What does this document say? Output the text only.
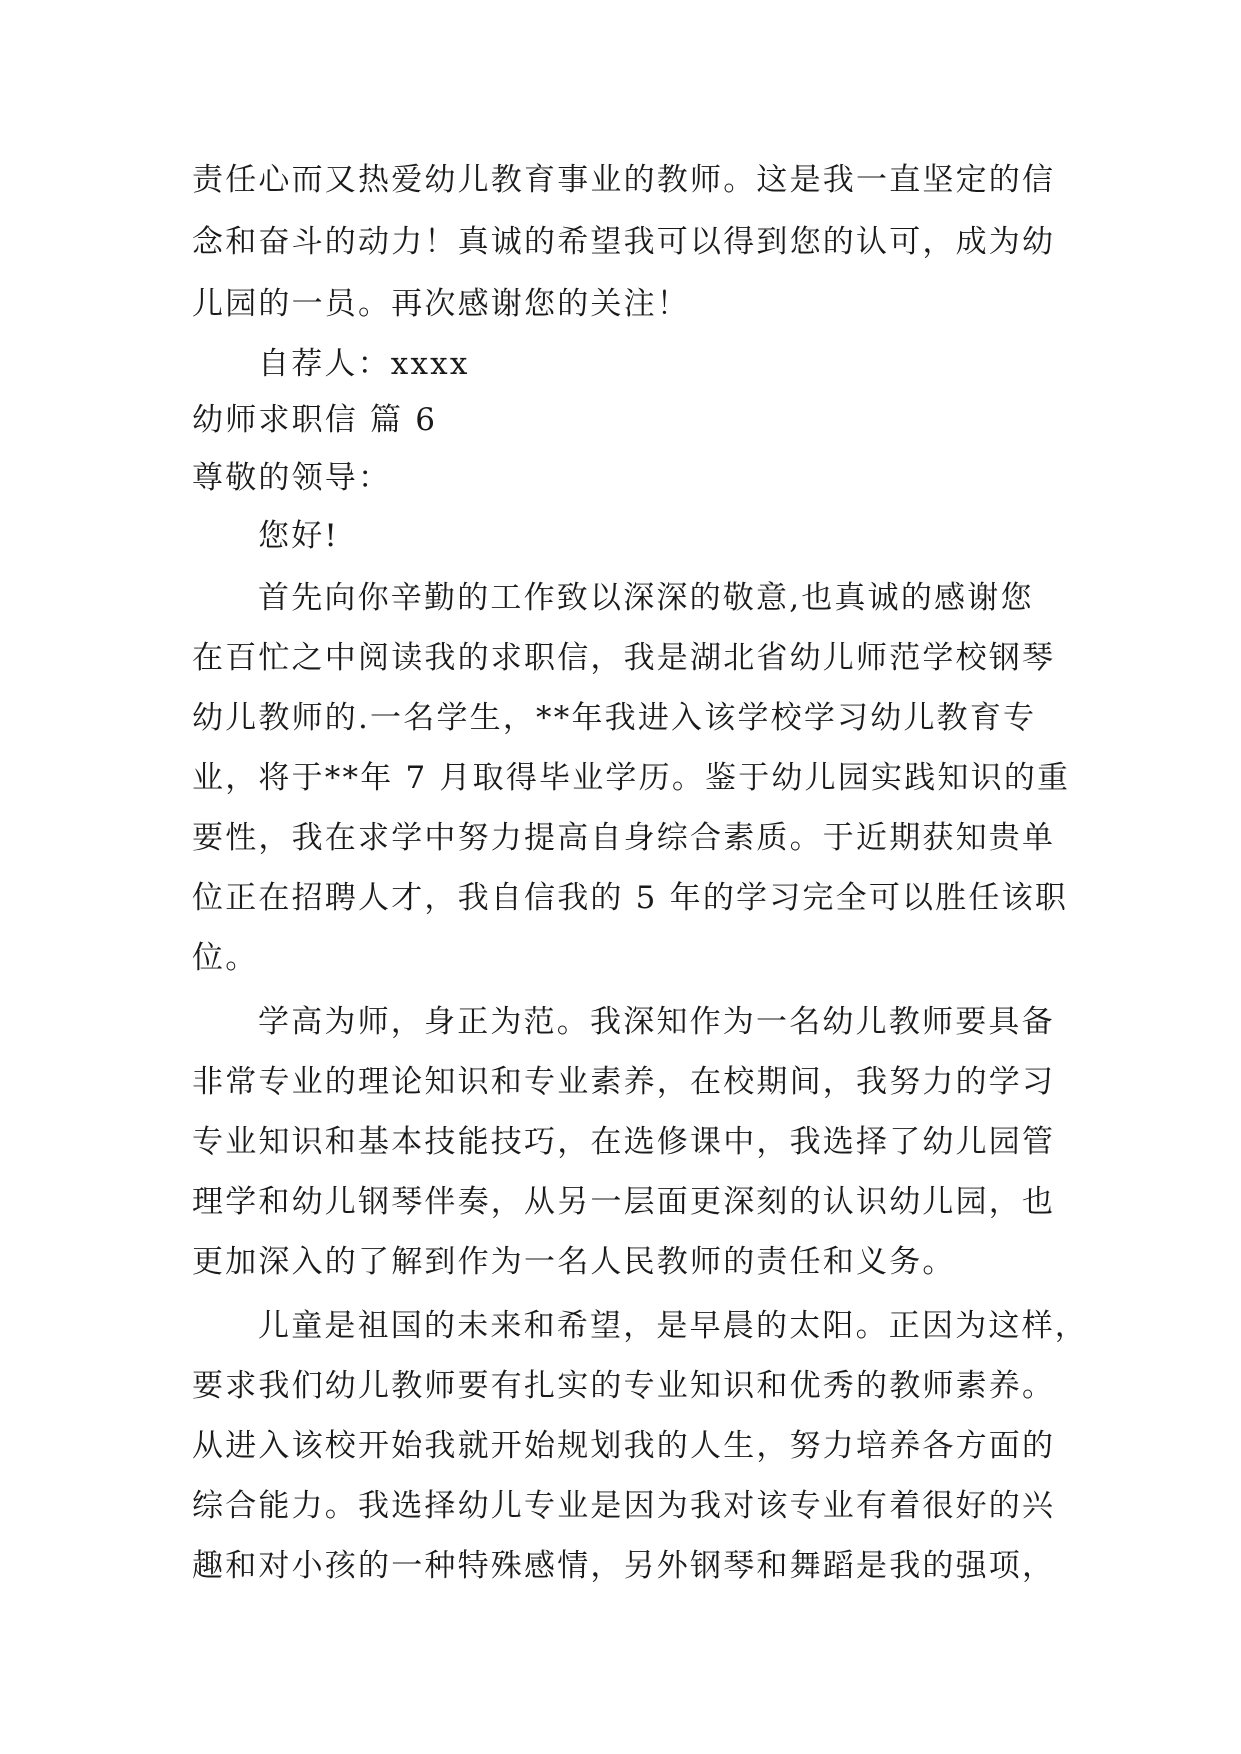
责任心而又热爱幼儿教育事业的教师。这是我一直坚定的信
念和奋斗的动力！真诚的希望我可以得到您的认可，成为幼
儿园的一员。再次感谢您的关注！
自荐人：xxxx
幼师求职信 篇 6
尊敬的领导：
您好!
首先向你辛勤的工作致以深深的敬意,也真诚的感谢您
在百忙之中阅读我的求职信，我是湖北省幼儿师范学校钢琴
幼儿教师的.一名学生，**年我进入该学校学习幼儿教育专
业，将于**年 7 月取得毕业学历。鉴于幼儿园实践知识的重
要性，我在求学中努力提高自身综合素质。于近期获知贵单
位正在招聘人才，我自信我的 5 年的学习完全可以胜任该职
位。
学高为师，身正为范。我深知作为一名幼儿教师要具备
非常专业的理论知识和专业素养，在校期间，我努力的学习
专业知识和基本技能技巧，在选修课中，我选择了幼儿园管
理学和幼儿钢琴伴奏，从另一层面更深刻的认识幼儿园，也
更加深入的了解到作为一名人民教师的责任和义务。
儿童是祖国的未来和希望，是早晨的太阳。正因为这样，
要求我们幼儿教师要有扎实的专业知识和优秀的教师素养。
从进入该校开始我就开始规划我的人生，努力培养各方面的
综合能力。我选择幼儿专业是因为我对该专业有着很好的兴
趣和对小孩的一种特殊感情，另外钢琴和舞蹈是我的强项，
